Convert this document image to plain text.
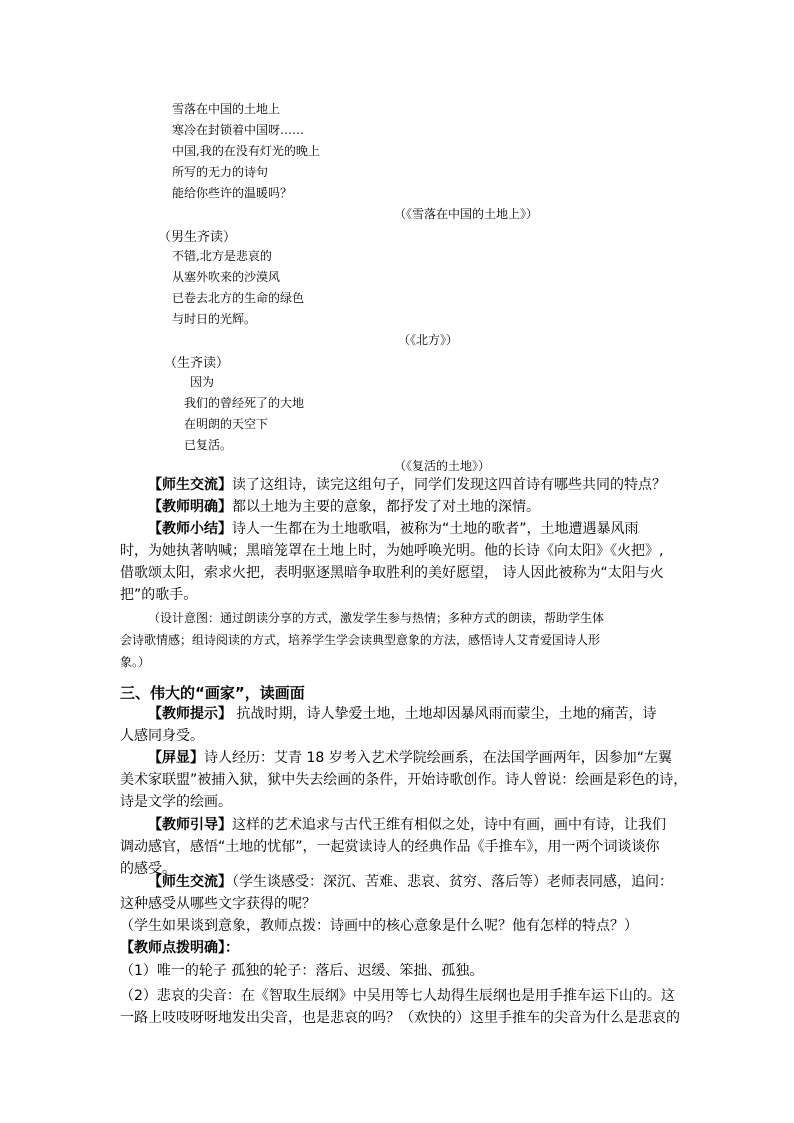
雪落在中国的土地上
寒冷在封锁着中国呀……
中国,我的在没有灯光的晚上
所写的无力的诗句
能给你些许的温暖吗？
（《雪落在中国的土地上》）
（男生齐读）
不错,北方是悲哀的
从塞外吹来的沙漠风
已卷去北方的生命的绿色
与时日的光辉。
（《北方》）
（生齐读）
因为
我们的曾经死了的大地
在明朗的天空下
已复活。
（《复活的土地》）
【师生交流】读了这组诗，读完这组句子，同学们发现这四首诗有哪些共同的特点？
【教师明确】都以土地为主要的意象，都抒发了对土地的深情。
【教师小结】诗人一生都在为土地歌唱，被称为“土地的歌者”，土地遭遇暴风雨
时，为她执著呐喊；黑暗笼罩在土地上时，为她呼唤光明。他的长诗《向太阳》《火把》,
借歌颂太阳，索求火把，表明驱逐黑暗争取胜利的美好愿望， 诗人因此被称为“太阳与火
把”的歌手。
（设计意图：通过朗读分享的方式，激发学生参与热情；多种方式的朗读，帮助学生体
会诗歌情感；组诗阅读的方式，培养学生学会读典型意象的方法，感悟诗人艾青爱国诗人形
象。）
三、伟大的“画家”，读画面
【教师提示】 抗战时期，诗人挚爱土地，土地却因暴风雨而蒙尘，土地的痛苦，诗
人感同身受。
【屏显】诗人经历：艾青 18 岁考入艺术学院绘画系，在法国学画两年，因参加“左翼
美术家联盟”被捕入狱，狱中失去绘画的条件，开始诗歌创作。诗人曾说：绘画是彩色的诗，
诗是文学的绘画。
【教师引导】这样的艺术追求与古代王维有相似之处，诗中有画，画中有诗，让我们
调动感官，感悟“土地的忧郁”，一起赏读诗人的经典作品《手推车》，用一两个词谈谈你
的感受。
【师生交流】（学生谈感受：深沉、苦难、悲哀、贫穷、落后等）老师表同感，追问：
这种感受从哪些文字获得的呢？
（学生如果谈到意象，教师点拨：诗画中的核心意象是什么呢？他有怎样的特点？）
【教师点拨明确】：
（1）唯一的轮子 孤独的轮子：落后、迟缓、笨拙、孤独。
（2）悲哀的尖音：在《智取生辰纲》中吴用等七人劫得生辰纲也是用手推车运下山的。这
一路上吱吱呀呀地发出尖音，也是悲哀的吗？（欢快的）这里手推车的尖音为什么是悲哀的
